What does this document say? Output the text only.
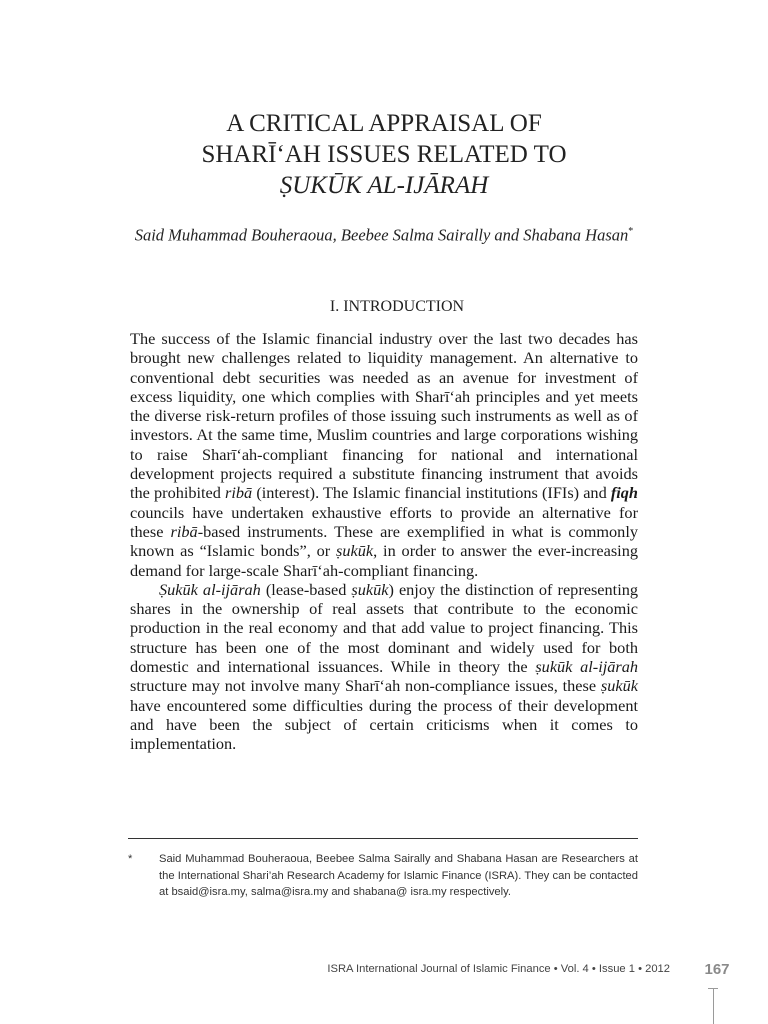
A CRITICAL APPRAISAL OF
SHARĪ‘AH ISSUES RELATED TO
ṢUKŪK AL-IJĀRAH
Said Muhammad Bouheraoua, Beebee Salma Sairally and Shabana Hasan*
I. INTRODUCTION

The success of the Islamic financial industry over the last two decades has brought new challenges related to liquidity management. An alternative to conventional debt securities was needed as an avenue for investment of excess liquidity, one which complies with Sharī‘ah principles and yet meets the diverse risk-return profiles of those issuing such instruments as well as of investors. At the same time, Muslim countries and large corporations wishing to raise Sharī‘ah-compliant financing for national and international development projects required a substitute financing instrument that avoids the prohibited ribā (interest). The Islamic financial institutions (IFIs) and fiqh councils have undertaken exhaustive efforts to provide an alternative for these ribā-based instruments. These are exemplified in what is commonly known as “Islamic bonds”, or ṣukūk, in order to answer the ever-increasing demand for large-scale Sharī‘ah-compliant financing.

Ṣukūk al-ijārah (lease-based ṣukūk) enjoy the distinction of representing shares in the ownership of real assets that contribute to the economic production in the real economy and that add value to project financing. This structure has been one of the most dominant and widely used for both domestic and international issuances. While in theory the ṣukūk al-ijārah structure may not involve many Sharī‘ah non-compliance issues, these ṣukūk have encountered some difficulties during the process of their development and have been the subject of certain criticisms when it comes to implementation.

* Said Muhammad Bouheraoua, Beebee Salma Sairally and Shabana Hasan are Researchers at the International Shari’ah Research Academy for Islamic Finance (ISRA). They can be contacted at bsaid@isra.my, salma@isra.my and shabana@ isra.my respectively.
ISRA International Journal of Islamic Finance • Vol. 4 • Issue 1 • 2012	167
